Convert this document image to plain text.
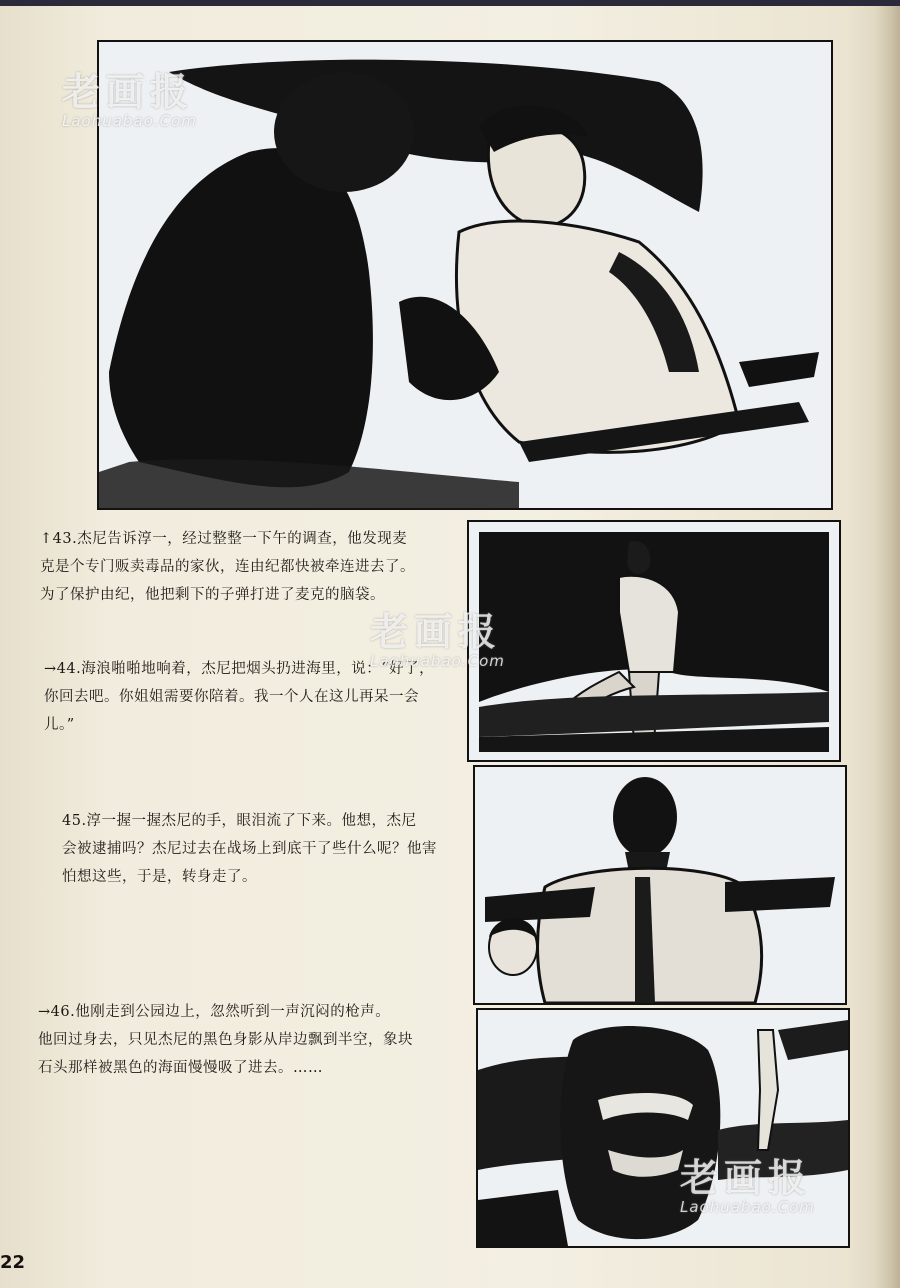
↑43.杰尼告诉淳一，经过整整一下午的调查，他发现麦
克是个专门贩卖毒品的家伙，连由纪都快被牵连进去了。
为了保护由纪，他把剩下的子弹打进了麦克的脑袋。
→44.海浪啪啪地响着，杰尼把烟头扔进海里，说：“好了，
你回去吧。你姐姐需要你陪着。我一个人在这儿再呆一会
儿。”
45.淳一握一握杰尼的手，眼泪流了下来。他想，杰尼
会被逮捕吗？杰尼过去在战场上到底干了些什么呢？他害
怕想这些，于是，转身走了。
→46.他刚走到公园边上，忽然听到一声沉闷的枪声。
他回过身去，只见杰尼的黑色身影从岸边飘到半空，象块
石头那样被黑色的海面慢慢吸了进去。……
老画报
Laohuabao.Com
老画报
Laohuabao.Com
老画报
Laohuabao.Com
22
